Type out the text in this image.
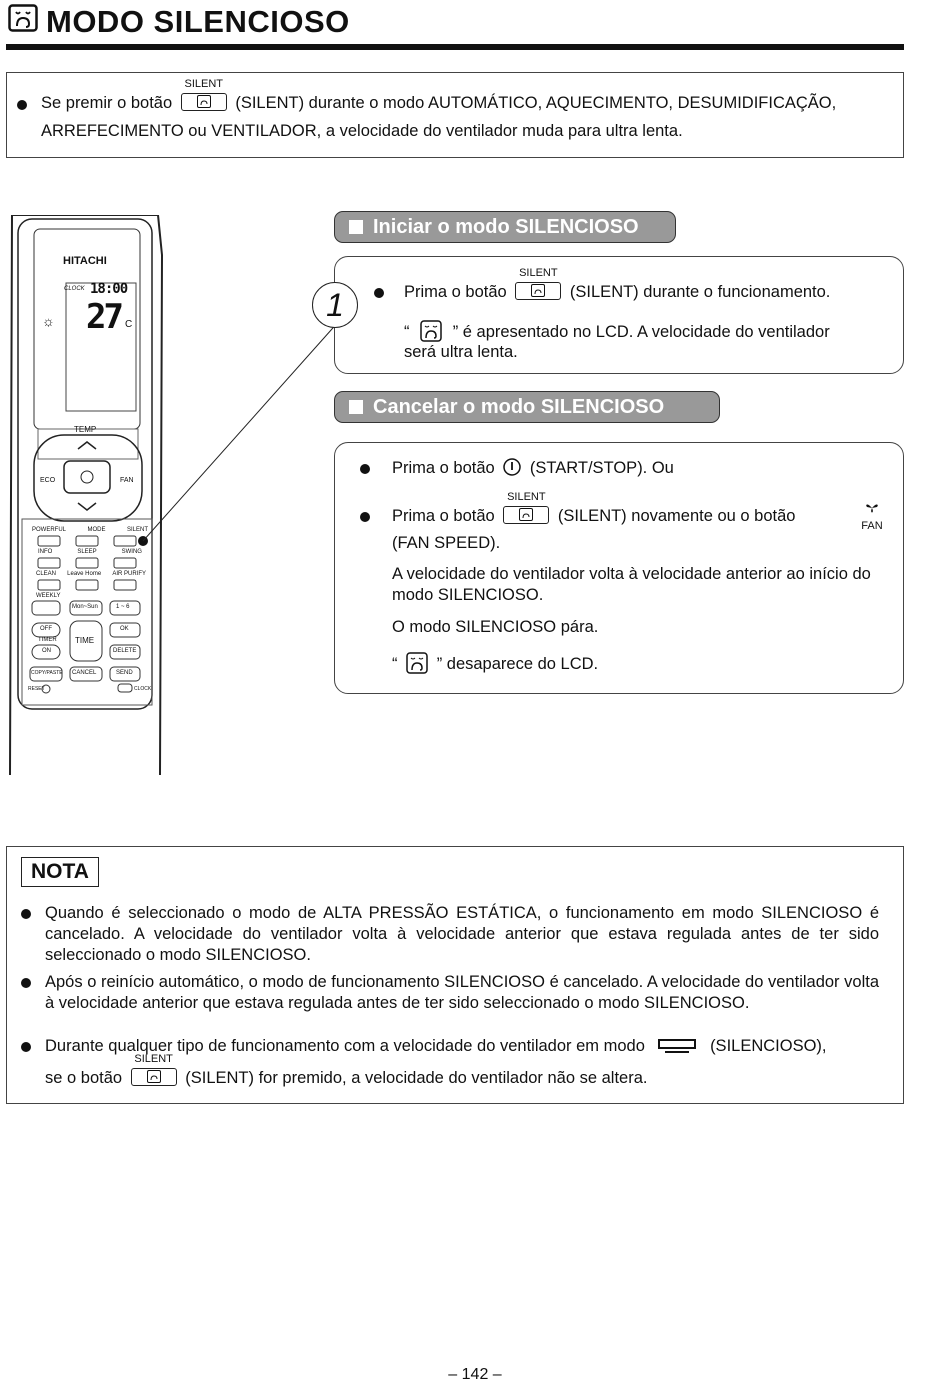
MODO SILENCIOSO
Se premir o botão
SILENT
(SILENT) durante o modo AUTOMÁTICO, AQUECIMENTO, DESUMIDIFICAÇÃO,
ARREFECIMENTO ou VENTILADOR, a velocidade do ventilador muda para ultra lenta.
HITACHI
CLOCK 18:00
☼ 27 C
TEMP
ECO	FAN
POWERFUL	MODE	SILENT
INFO	SLEEP	SWING
CLEAN Leave Home AIR PURIFY
WEEKLY
Mon~Sun	1 ~ 6
OFF
TIMER
ON
TIME
OK
DELETE
COPY/PASTE CANCEL	SEND
RESET	CLOCK
Iniciar o modo SILENCIOSO
1	Prima o botão
SILENT
(SILENT) durante o funcionamento.
“	” é apresentado no LCD. A velocidade do ventilador
será ultra lenta.
Cancelar o modo SILENCIOSO
Prima o botão (START/STOP). Ou
Prima o botão
SILENT
(SILENT) novamente ou o botão
FAN
(FAN SPEED).
A velocidade do ventilador volta à velocidade anterior ao início do modo SILENCIOSO.
O modo SILENCIOSO pára.
“ ” desaparece do LCD.
NOTA
Quando é seleccionado o modo de ALTA PRESSÃO ESTÁTICA, o funcionamento em modo SILENCIOSO é cancelado. A velocidade do ventilador volta à velocidade anterior que estava regulada antes de ter sido seleccionado o modo SILENCIOSO.
Após o reinício automático, o modo de funcionamento SILENCIOSO é cancelado. A velocidade do ventilador volta à velocidade anterior que estava regulada antes de ter sido seleccionado o modo SILENCIOSO.
Durante qualquer tipo de funcionamento com a velocidade do ventilador em modo	(SILENCIOSO),
se o botão
SILENT
(SILENT) for premido, a velocidade do ventilador não se altera.
– 142 –
